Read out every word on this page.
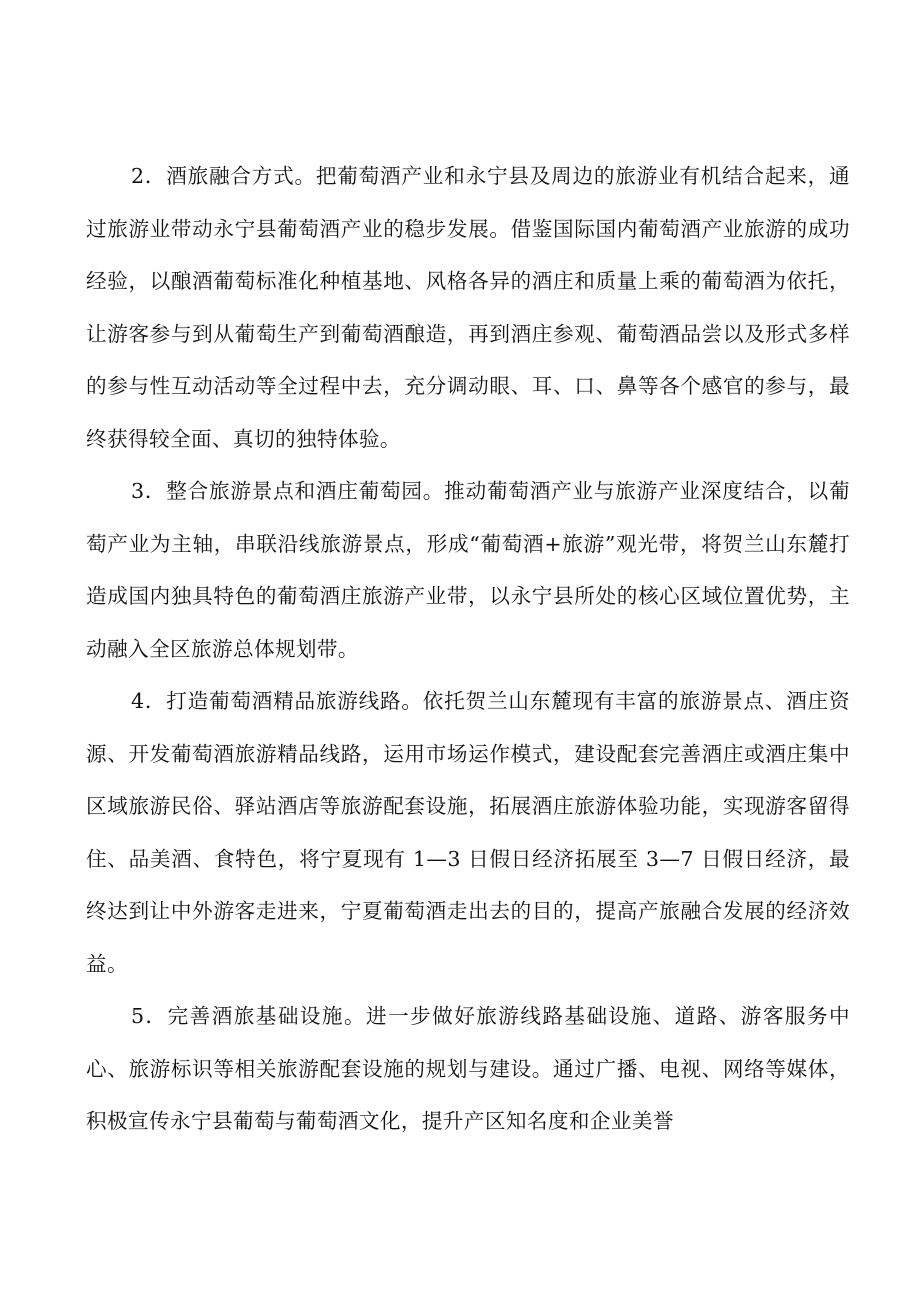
2．酒旅融合方式。把葡萄酒产业和永宁县及周边的旅游业有机结合起来，通过旅游业带动永宁县葡萄酒产业的稳步发展。借鉴国际国内葡萄酒产业旅游的成功经验，以酿酒葡萄标准化种植基地、风格各异的酒庄和质量上乘的葡萄酒为依托，让游客参与到从葡萄生产到葡萄酒酿造，再到酒庄参观、葡萄酒品尝以及形式多样的参与性互动活动等全过程中去，充分调动眼、耳、口、鼻等各个感官的参与，最终获得较全面、真切的独特体验。

3．整合旅游景点和酒庄葡萄园。推动葡萄酒产业与旅游产业深度结合，以葡萄产业为主轴，串联沿线旅游景点，形成“葡萄酒+旅游”观光带，将贺兰山东麓打造成国内独具特色的葡萄酒庄旅游产业带，以永宁县所处的核心区域位置优势，主动融入全区旅游总体规划带。

4．打造葡萄酒精品旅游线路。依托贺兰山东麓现有丰富的旅游景点、酒庄资源、开发葡萄酒旅游精品线路，运用市场运作模式，建设配套完善酒庄或酒庄集中区域旅游民俗、驿站酒店等旅游配套设施，拓展酒庄旅游体验功能，实现游客留得住、品美酒、食特色，将宁夏现有 1—3 日假日经济拓展至 3—7 日假日经济，最终达到让中外游客走进来，宁夏葡萄酒走出去的目的，提高产旅融合发展的经济效益。

5．完善酒旅基础设施。进一步做好旅游线路基础设施、道路、游客服务中心、旅游标识等相关旅游配套设施的规划与建设。通过广播、电视、网络等媒体，积极宣传永宁县葡萄与葡萄酒文化，提升产区知名度和企业美誉
